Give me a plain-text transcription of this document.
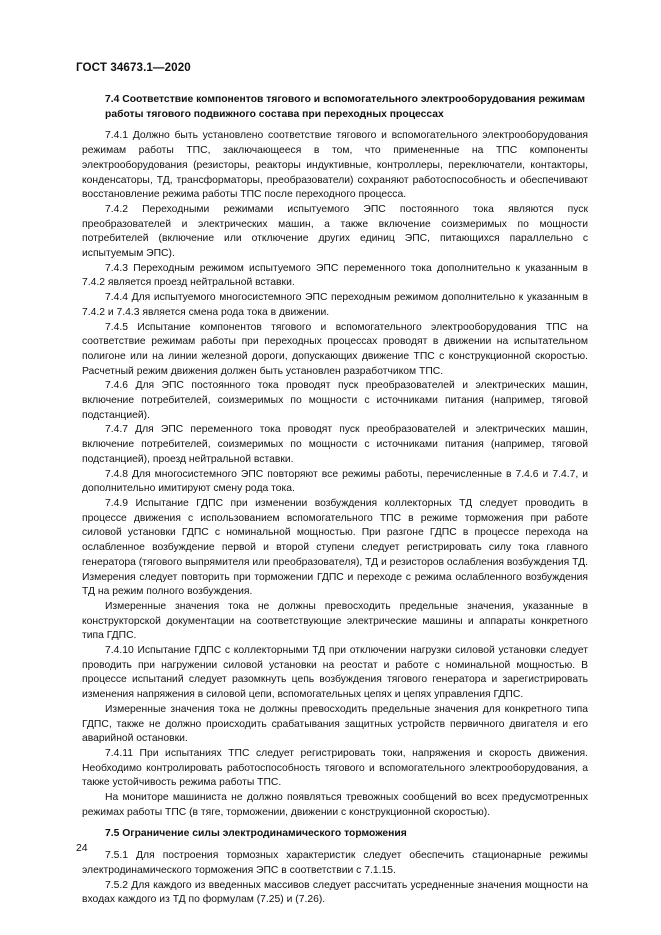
ГОСТ 34673.1—2020
7.4 Соответствие компонентов тягового и вспомогательного электрооборудования режимам работы тягового подвижного состава при переходных процессах

7.4.1 Должно быть установлено соответствие тягового и вспомогательного электрооборудования режимам работы ТПС, заключающееся в том, что примененные на ТПС компоненты электрооборудования (резисторы, реакторы индуктивные, контроллеры, переключатели, контакторы, конденсаторы, ТД, трансформаторы, преобразователи) сохраняют работоспособность и обеспечивают восстановление режима работы ТПС после переходного процесса.

7.4.2 Переходными режимами испытуемого ЭПС постоянного тока являются пуск преобразователей и электрических машин, а также включение соизмеримых по мощности потребителей (включение или отключение других единиц ЭПС, питающихся параллельно с испытуемым ЭПС).

7.4.3 Переходным режимом испытуемого ЭПС переменного тока дополнительно к указанным в 7.4.2 является проезд нейтральной вставки.

7.4.4 Для испытуемого многосистемного ЭПС переходным режимом дополнительно к указанным в 7.4.2 и 7.4.3 является смена рода тока в движении.

7.4.5 Испытание компонентов тягового и вспомогательного электрооборудования ТПС на соответствие режимам работы при переходных процессах проводят в движении на испытательном полигоне или на линии железной дороги, допускающих движение ТПС с конструкционной скоростью. Расчетный режим движения должен быть установлен разработчиком ТПС.

7.4.6 Для ЭПС постоянного тока проводят пуск преобразователей и электрических машин, включение потребителей, соизмеримых по мощности с источниками питания (например, тяговой подстанцией).

7.4.7 Для ЭПС переменного тока проводят пуск преобразователей и электрических машин, включение потребителей, соизмеримых по мощности с источниками питания (например, тяговой подстанцией), проезд нейтральной вставки.

7.4.8 Для многосистемного ЭПС повторяют все режимы работы, перечисленные в 7.4.6 и 7.4.7, и дополнительно имитируют смену рода тока.

7.4.9 Испытание ГДПС при изменении возбуждения коллекторных ТД следует проводить в процессе движения с использованием вспомогательного ТПС в режиме торможения при работе силовой установки ГДПС с номинальной мощностью. При разгоне ГДПС в процессе перехода на ослабленное возбуждение первой и второй ступени следует регистрировать силу тока главного генератора (тягового выпрямителя или преобразователя), ТД и резисторов ослабления возбуждения ТД. Измерения следует повторить при торможении ГДПС и переходе с режима ослабленного возбуждения ТД на режим полного возбуждения.

Измеренные значения тока не должны превосходить предельные значения, указанные в конструкторской документации на соответствующие электрические машины и аппараты конкретного типа ГДПС.

7.4.10 Испытание ГДПС с коллекторными ТД при отключении нагрузки силовой установки следует проводить при нагружении силовой установки на реостат и работе с номинальной мощностью. В процессе испытаний следует разомкнуть цепь возбуждения тягового генератора и зарегистрировать изменения напряжения в силовой цепи, вспомогательных цепях и цепях управления ГДПС.

Измеренные значения тока не должны превосходить предельные значения для конкретного типа ГДПС, также не должно происходить срабатывания защитных устройств первичного двигателя и его аварийной остановки.

7.4.11 При испытаниях ТПС следует регистрировать токи, напряжения и скорость движения. Необходимо контролировать работоспособность тягового и вспомогательного электрооборудования, а также устойчивость режима работы ТПС.

На мониторе машиниста не должно появляться тревожных сообщений во всех предусмотренных режимах работы ТПС (в тяге, торможении, движении с конструкционной скоростью).

7.5 Ограничение силы электродинамического торможения

7.5.1 Для построения тормозных характеристик следует обеспечить стационарные режимы электродинамического торможения ЭПС в соответствии с 7.1.15.

7.5.2 Для каждого из введенных массивов следует рассчитать усредненные значения мощности на входах каждого из ТД по формулам (7.25) и (7.26).

24
